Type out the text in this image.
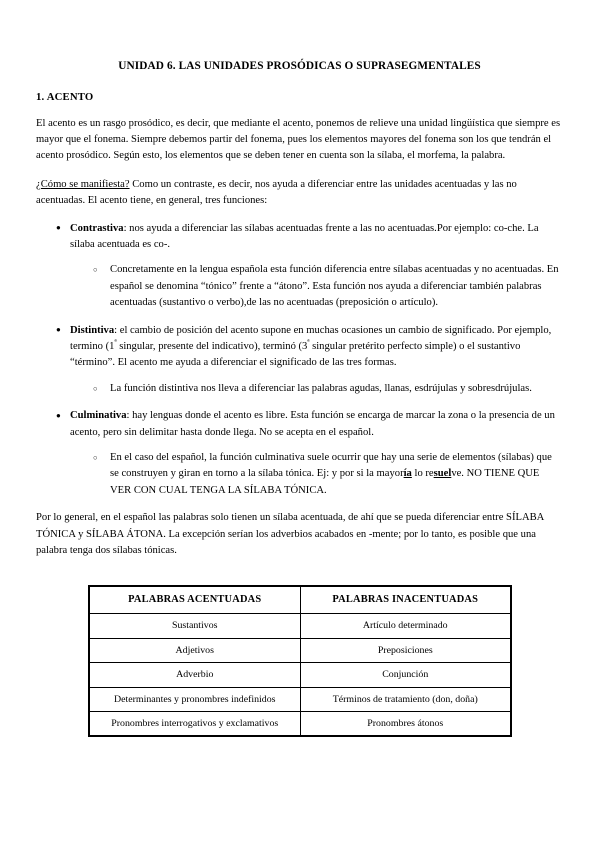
UNIDAD 6. LAS UNIDADES PROSÓDICAS O SUPRASEGMENTALES
1. ACENTO

El acento es un rasgo prosódico, es decir, que mediante el acento, ponemos de relieve una unidad lingüística que siempre es mayor que el fonema. Siempre debemos partir del fonema, pues los elementos mayores del fonema son los que tendrán el acento prosódico. Según esto, los elementos que se deben tener en cuenta son la sílaba, el morfema, la palabra.

¿Cómo se manifiesta? Como un contraste, es decir, nos ayuda a diferenciar entre las unidades acentuadas y las no acentuadas. El acento tiene, en general, tres funciones:

● Contrastiva: nos ayuda a diferenciar las sílabas acentuadas frente a las no acentuadas.Por ejemplo: co-che. La sílaba acentuada es co-.
○ Concretamente en la lengua española esta función diferencia entre sílabas acentuadas y no acentuadas. En español se denomina “tónico” frente a “átono”. Esta función nos ayuda a diferenciar también palabras acentuadas (sustantivo o verbo),de las no acentuadas (preposición o artículo).
● Distintiva: el cambio de posición del acento supone en muchas ocasiones un cambio de significado. Por ejemplo, termino ($1^ª$ singular, presente del indicativo), terminó ($3^ª$ singular pretérito perfecto simple) o el sustantivo “término”. El acento me ayuda a diferenciar el significado de las tres formas.
○ La función distintiva nos lleva a diferenciar las palabras agudas, llanas, esdrújulas y sobresdrújulas.
● Culminativa: hay lenguas donde el acento es libre. Esta función se encarga de marcar la zona o la presencia de un acento, pero sin delimitar hasta donde llega. No se acepta en el español.
○ En el caso del español, la función culminativa suele ocurrir que hay una serie de elementos (sílabas) que se construyen y giran en torno a la sílaba tónica. Ej: y por si la mayoría lo resuelve. NO TIENE QUE VER CON CUAL TENGA LA SÍLABA TÓNICA.

Por lo general, en el español las palabras solo tienen un sílaba acentuada, de ahí que se pueda diferenciar entre SÍLABA TÓNICA y SÍLABA ÁTONA. La excepción serían los adverbios acabados en -mente; por lo tanto, es posible que una palabra tenga dos sílabas tónicas.

PALABRAS ACENTUADAS	PALABRAS INACENTUADAS
Sustantivos	Artículo determinado
Adjetivos	Preposiciones
Adverbio	Conjunción
Determinantes y pronombres indefinidos	Términos de tratamiento (don, doña)
Pronombres interrogativos y exclamativos	Pronombres átonos
